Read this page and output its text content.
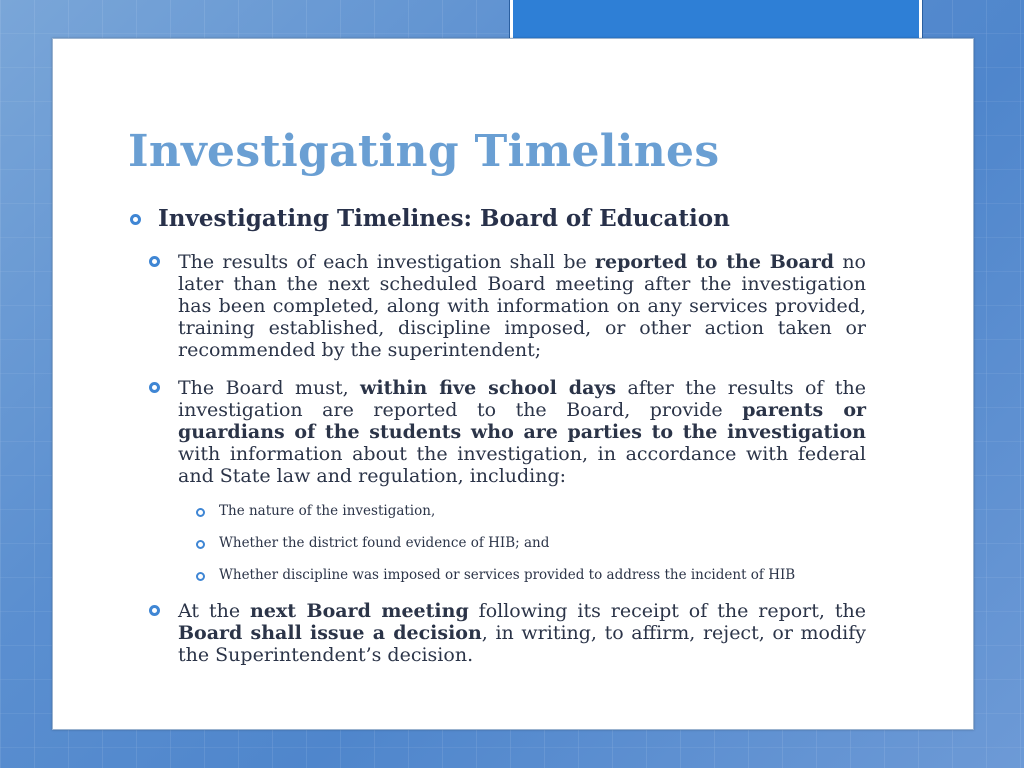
Investigating Timelines

Investigating Timelines: Board of Education

The results of each investigation shall be reported to the Board no later than the next scheduled Board meeting after the investigation has been completed, along with information on any services provided, training established, discipline imposed, or other action taken or recommended by the superintendent;

The Board must, within five school days after the results of the investigation are reported to the Board, provide parents or guardians of the students who are parties to the investigation with information about the investigation, in accordance with federal and State law and regulation, including:

The nature of the investigation,

Whether the district found evidence of HIB; and

Whether discipline was imposed or services provided to address the incident of HIB

At the next Board meeting following its receipt of the report, the Board shall issue a decision, in writing, to affirm, reject, or modify the Superintendent’s decision.
